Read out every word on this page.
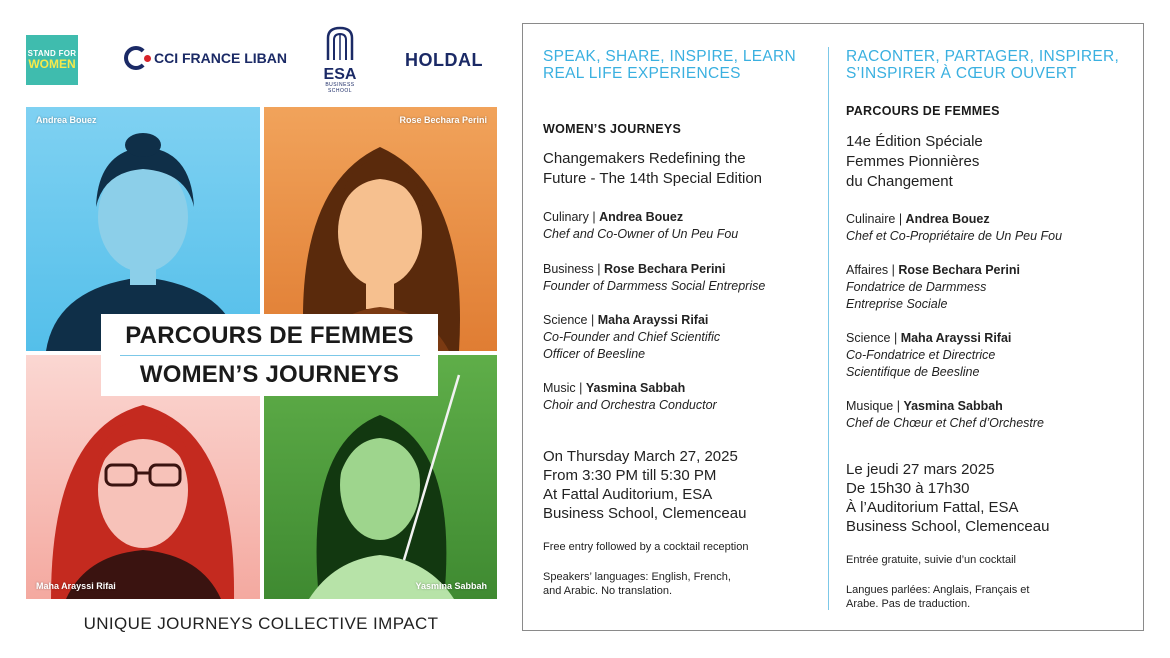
STAND FOR
WOMEN	CCI FRANCE LIBAN
ESA
BUSINESS
SCHOOL
HOLDAL
Andrea Bouez	Rose Bechara Perini
Maha Arayssi Rifai	Yasmina Sabbah
PARCOURS DE FEMMES
WOMEN’S JOURNEYS
UNIQUE JOURNEYS COLLECTIVE IMPACT
SPEAK, SHARE, INSPIRE, LEARN
REAL LIFE EXPERIENCES
WOMEN’S JOURNEYS
Changemakers Redefining the
Future - The 14th Special Edition
Culinary | Andrea Bouez
Chef and Co-Owner of Un Peu Fou
Business | Rose Bechara Perini
Founder of Darmmess Social Entreprise
Science | Maha Arayssi Rifai
Co-Founder and Chief Scientific
Officer of Beesline
Music | Yasmina Sabbah
Choir and Orchestra Conductor
On Thursday March 27, 2025
From 3:30 PM till 5:30 PM
At Fattal Auditorium, ESA
Business School, Clemenceau
Free entry followed by a cocktail reception
Speakers’ languages: English, French,
and Arabic. No translation.
RACONTER, PARTAGER, INSPIRER,
S’INSPIRER À CŒUR OUVERT
PARCOURS DE FEMMES
14e Édition Spéciale
Femmes Pionnières
du Changement
Culinaire | Andrea Bouez
Chef et Co-Propriétaire de Un Peu Fou
Affaires | Rose Bechara Perini
Fondatrice de Darmmess
Entreprise Sociale
Science | Maha Arayssi Rifai
Co-Fondatrice et Directrice
Scientifique de Beesline
Musique | Yasmina Sabbah
Chef de Chœur et Chef d’Orchestre
Le jeudi 27 mars 2025
De 15h30 à 17h30
À l’Auditorium Fattal, ESA
Business School, Clemenceau
Entrée gratuite, suivie d’un cocktail
Langues parlées: Anglais, Français et
Arabe. Pas de traduction.
